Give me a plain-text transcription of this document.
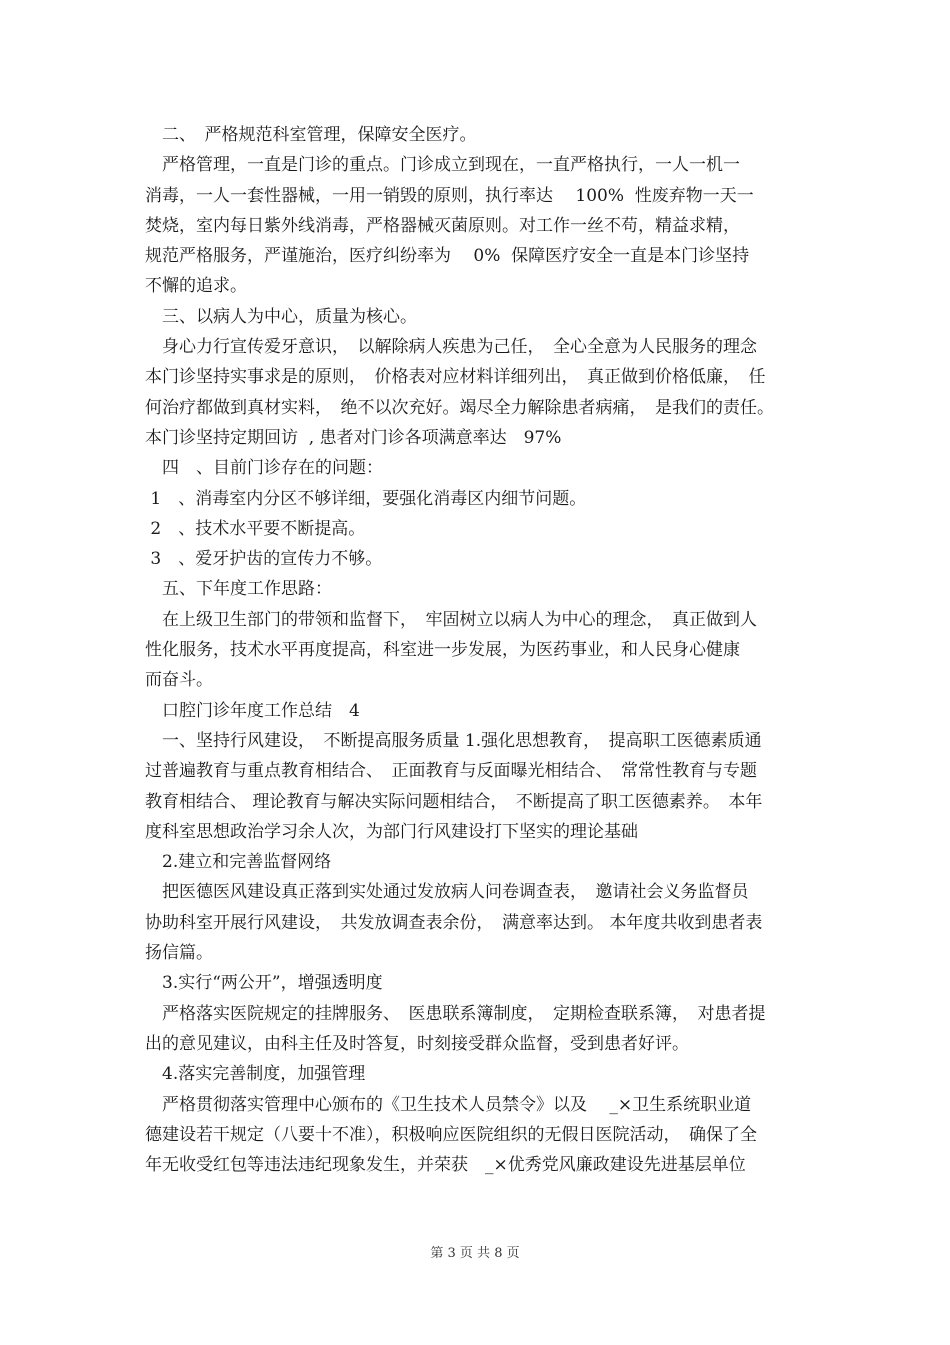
　二、　严格规范科室管理，保障安全医疗。
　严格管理，一直是门诊的重点。门诊成立到现在，一直严格执行，一人一机一
消毒，一人一套性器械，一用一销毁的原则，执行率达　 100%  性废弃物一天一
焚烧，室内每日紫外线消毒，严格器械灭菌原则。对工作一丝不苟，精益求精，
规范严格服务，严谨施治，医疗纠纷率为　 0%  保障医疗安全一直是本门诊坚持
不懈的追求。
　三、以病人为中心，质量为核心。
　身心力行宣传爱牙意识，　以解除病人疾患为己任，　全心全意为人民服务的理念
本门诊坚持实事求是的原则，　价格表对应材料详细列出，　真正做到价格低廉，　任
何治疗都做到真材实料，　绝不以次充好。竭尽全力解除患者病痛，　是我们的责任。
本门诊坚持定期回访  , 患者对门诊各项满意率达　97%
　四　、目前门诊存在的问题：
1　、消毒室内分区不够详细，要强化消毒区内细节问题。
2　、技术水平要不断提高。
3　、爱牙护齿的宣传力不够。
　五、下年度工作思路：
　在上级卫生部门的带领和监督下，　牢固树立以病人为中心的理念，　真正做到人
性化服务，技术水平再度提高，科室进一步发展，为医药事业，和人民身心健康
而奋斗。
　口腔门诊年度工作总结　4
　一、坚持行风建设，　不断提高服务质量 1.强化思想教育，　提高职工医德素质通
过普遍教育与重点教育相结合、　正面教育与反面曝光相结合、　常常性教育与专题
教育相结合、 理论教育与解决实际问题相结合，　不断提高了职工医德素养。　本年
度科室思想政治学习余人次，为部门行风建设打下坚实的理论基础
　2.建立和完善监督网络
　把医德医风建设真正落到实处通过发放病人问卷调查表，　邀请社会义务监督员
协助科室开展行风建设，　共发放调查表余份，　满意率达到。 本年度共收到患者表
扬信篇。
　3.实行“两公开”，增强透明度
　严格落实医院规定的挂牌服务、　医患联系簿制度，　定期检查联系簿，　对患者提
出的意见建议，由科主任及时答复，时刻接受群众监督，受到患者好评。
　4.落实完善制度，加强管理
　严格贯彻落实管理中心颁布的《卫生技术人员禁令》以及　 _×卫生系统职业道
德建设若干规定（八要十不准），积极响应医院组织的无假日医院活动，　确保了全
年无收受红包等违法违纪现象发生，并荣获　_×优秀党风廉政建设先进基层单位
第 3 页 共 8 页
